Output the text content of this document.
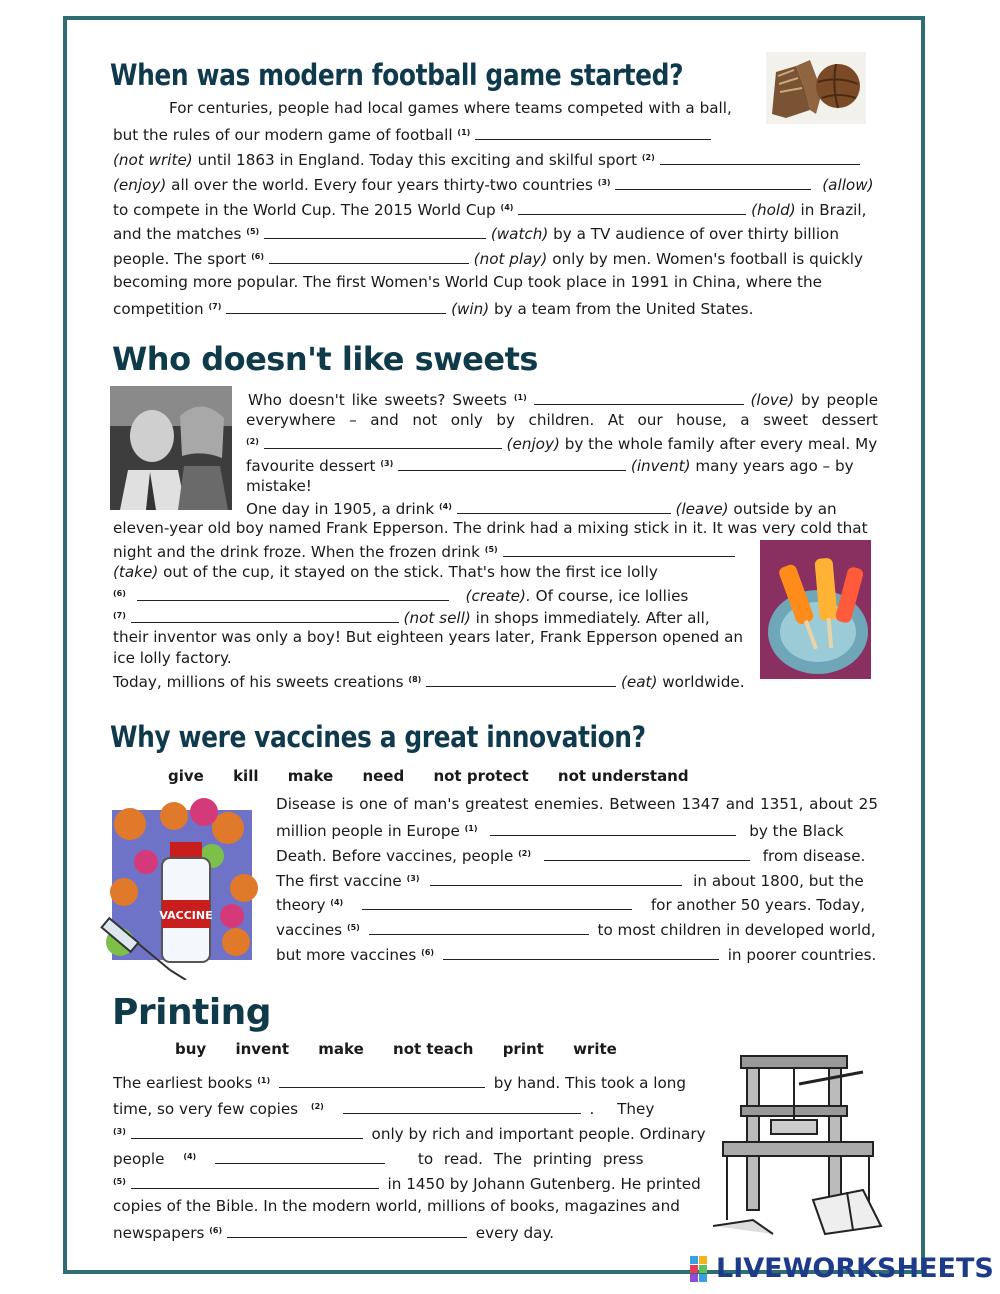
When was modern football game started?
For centuries, people had local games where teams competed with a ball,
but the rules of our modern game of football $^{(1)}$
(not write) until 1863 in England. Today this exciting and skilful sport $^{(2)}$
(enjoy) all over the world. Every four years thirty-two countries $^{(3)}$	(allow)
to compete in the World Cup. The 2015 World Cup $^{(4)}$	(hold) in Brazil,
and the matches $^{(5)}$	(watch) by a TV audience of over thirty billion
people. The sport $^{(6)}$	(not play) only by men. Women's football is quickly
becoming more popular. The first Women's World Cup took place in 1991 in China, where the
competition $^{(7)}$	(win) by a team from the United States.
Who doesn't like sweets
Who doesn't like sweets? Sweets $^{(1)}$	(love) by people
everywhere – and not only by children. At our house, a sweet dessert
$^{(2)}$	(enjoy) by the whole family after every meal. My
favourite dessert $^{(3)}$	(invent) many years ago – by
mistake!
One day in 1905, a drink $^{(4)}$	(leave) outside by an
eleven-year old boy named Frank Epperson. The drink had a mixing stick in it. It was very cold that
night and the drink froze. When the frozen drink $^{(5)}$
(take) out of the cup, it stayed on the stick. That's how the first ice lolly
$^{(6)}$	(create). Of course, ice lollies
$^{(7)}$	(not sell) in shops immediately. After all,
their inventor was only a boy! But eighteen years later, Frank Epperson opened an
ice lolly factory.
Today, millions of his sweets creations $^{(8)}$	(eat) worldwide.
Why were vaccines a great innovation?
give kill make need not protect not understand
VACCINE
Disease is one of man's greatest enemies. Between 1347 and 1351, about 25
million people in Europe $^{(1)}$	by the Black
Death. Before vaccines, people $^{(2)}$	from disease.
The first vaccine $^{(3)}$	in about 1800, but the
theory $^{(4)}$	for another 50 years. Today,
vaccines $^{(5)}$	to most children in developed world,
but more vaccines $^{(6)}$	in poorer countries.
Printing
buy invent make not teach print write
The earliest books $^{(1)}$	by hand. This took a long
time, so very few copies $^{(2)}$	. They
$^{(3)}$	only by rich and important people. Ordinary
people $^{(4)}$	to read. The printing press
$^{(5)}$	in 1450 by Johann Gutenberg. He printed
copies of the Bible. In the modern world, millions of books, magazines and
newspapers $^{(6)}$	every day.
LIVEWORKSHEETS
